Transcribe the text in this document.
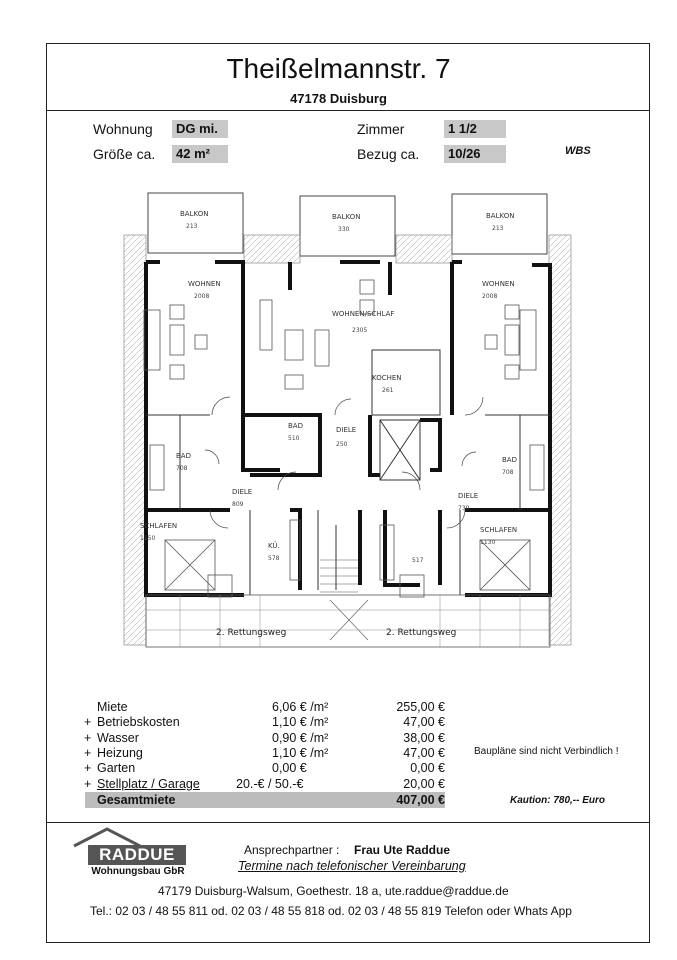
Theißelmannstr. 7
47178 Duisburg
Wohnung	DG mi.
Größe ca.	42 m²
Zimmer	1 1/2
Bezug ca.	10/26	WBS
BALKON
213
BALKON
330
BALKON
213
WOHNEN
2008
WOHNEN/SCHLAF
2305
WOHNEN
2008
KOCHEN
261
BAD
708
BAD
510
BAD
708
DIELE
809
DIELE
250
DIELE
730
KÜ.
578	517
SCHLAFEN
1150
SCHLAFEN
1130
2. Rettungsweg	2. Rettungsweg
Miete	6,06 € /m²	255,00 €
+ Betriebskosten	1,10 € /m²	47,00 €
+ Wasser	0,90 € /m²	38,00 €
+ Heizung	1,10 € /m²	47,00 €
+ Garten	0,00 €	0,00 €
+ Stellplatz / Garage	20.-€ / 50.-€	20,00 €
Gesamtmiete	407,00 €
Baupläne sind nicht Verbindlich !
Kaution: 780,-- Euro
RADDUE
Wohnungsbau GbR
Ansprechpartner : Frau Ute Raddue
Termine nach telefonischer Vereinbarung
47179 Duisburg-Walsum, Goethestr. 18 a, ute.raddue@raddue.de
Tel.: 02 03 / 48 55 811 od. 02 03 / 48 55 818 od. 02 03 / 48 55 819 Telefon oder Whats App
